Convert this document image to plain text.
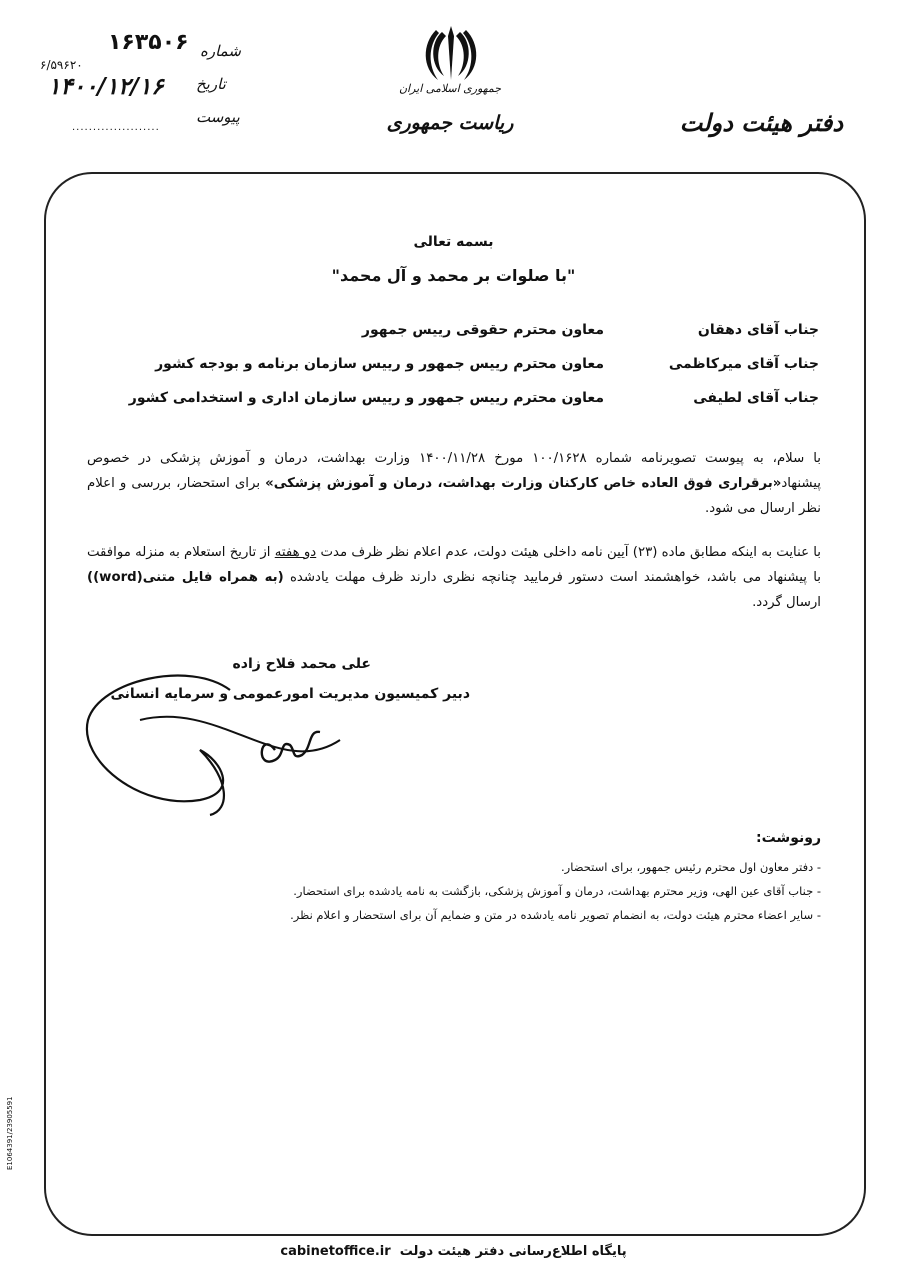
جمهوری اسلامی ایران
ریاست جمهوری	دفتر هیئت دولت
شماره
تاریخ
پیوست
۱۶۳۵۰۶
۶/۵۹۶۲۰
۱۴۰۰/۱۲/۱۶
.....................
بسمه تعالی
"با صلوات بر محمد و آل محمد"
جناب آقای دهقان
معاون محترم حقوقی رییس جمهور
جناب آقای میرکاظمی
معاون محترم رییس جمهور و رییس سازمان برنامه و بودجه کشور
جناب آقای لطیفی
معاون محترم رییس جمهور و رییس سازمان اداری و استخدامی کشور
با سلام، به پیوست تصویرنامه شماره ۱۰۰/۱۶۲۸ مورخ ۱۴۰۰/۱۱/۲۸ وزارت بهداشت، درمان و آموزش پزشکی در خصوص پیشنهاد«برقراری فوق العاده خاص کارکنان وزارت بهداشت، درمان و آموزش پزشکی» برای استحضار، بررسی و اعلام نظر ارسال می شود.
با عنایت به اینکه مطابق ماده (۲۳) آیین نامه داخلی هیئت دولت، عدم اعلام نظر ظرف مدت دو هفته از تاریخ استعلام به منزله موافقت با پیشنهاد می باشد، خواهشمند است دستور فرمایید چنانچه نظری دارند ظرف مهلت یادشده (به همراه فایل متنی(word)) ارسال گردد.
علی محمد فلاح زاده
دبیر کمیسیون مدیریت امورعمومی و سرمایه انسانی
رونوشت:
- دفتر معاون اول محترم رئیس جمهور، برای استحضار.
- جناب آقای عین الهی، وزیر محترم بهداشت، درمان و آموزش پزشکی، بازگشت به نامه یادشده برای استحضار.
- سایر اعضاء محترم هیئت دولت، به انضمام تصویر نامه یادشده در متن و ضمایم آن برای استحضار و اعلام نظر.
پایگاه اطلاع‌رسانی دفتر هیئت دولت  cabinetoffice.ir
E1064391/23905591
